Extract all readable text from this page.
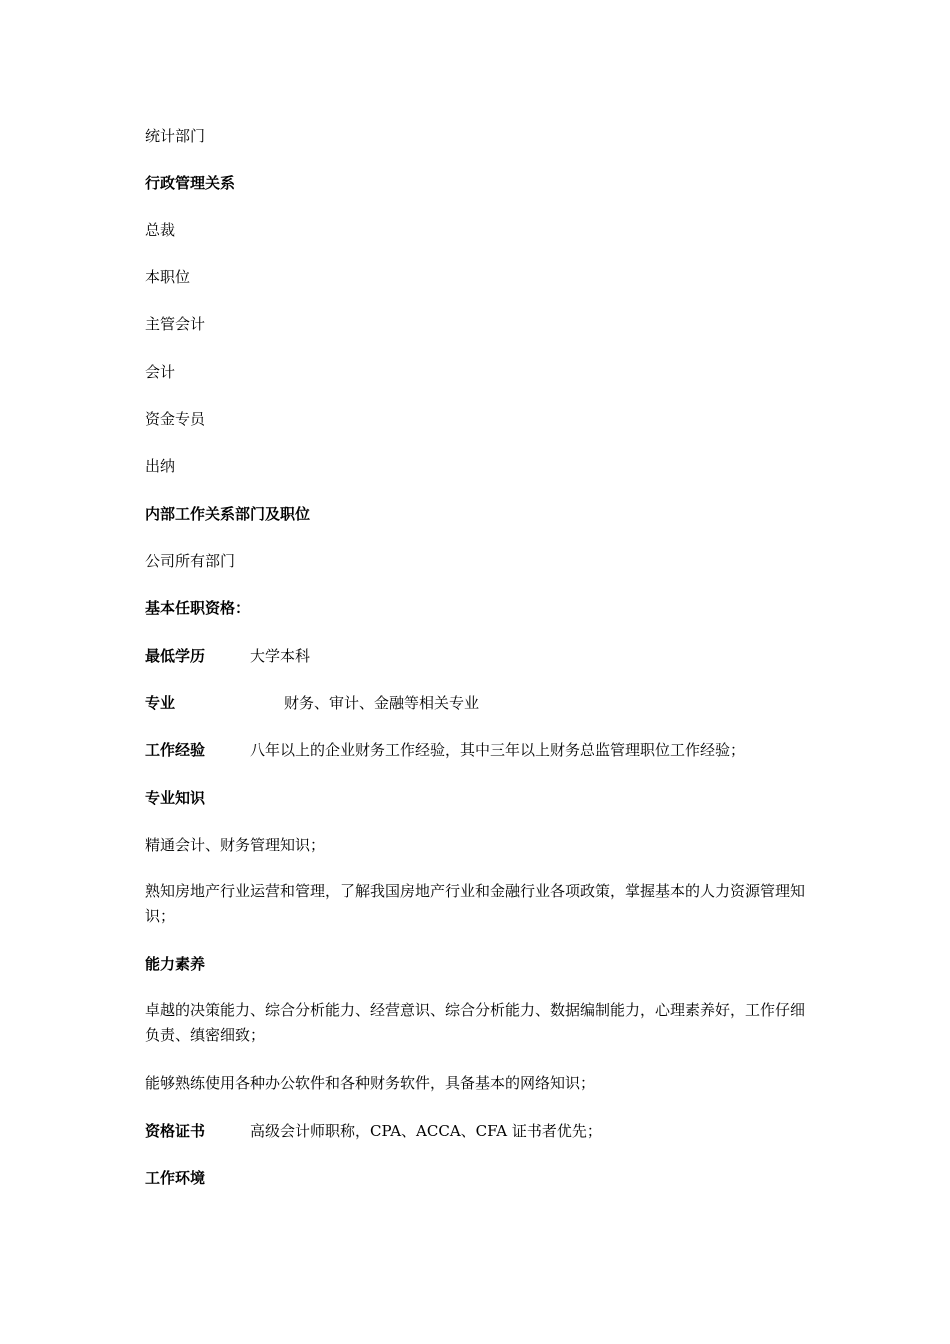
统计部门
行政管理关系
总裁
本职位
主管会计
会计
资金专员
出纳
内部工作关系部门及职位
公司所有部门
基本任职资格：
最低学历	大学本科
专业	财务、审计、金融等相关专业
工作经验	八年以上的企业财务工作经验，其中三年以上财务总监管理职位工作经验；
专业知识
精通会计、财务管理知识；
熟知房地产行业运营和管理，了解我国房地产行业和金融行业各项政策，掌握基本的人力资源管理知识；
能力素养
卓越的决策能力、综合分析能力、经营意识、综合分析能力、数据编制能力，心理素养好，工作仔细负责、缜密细致；
能够熟练使用各种办公软件和各种财务软件，具备基本的网络知识；
资格证书	高级会计师职称，CPA、ACCA、CFA 证书者优先；
工作环境
